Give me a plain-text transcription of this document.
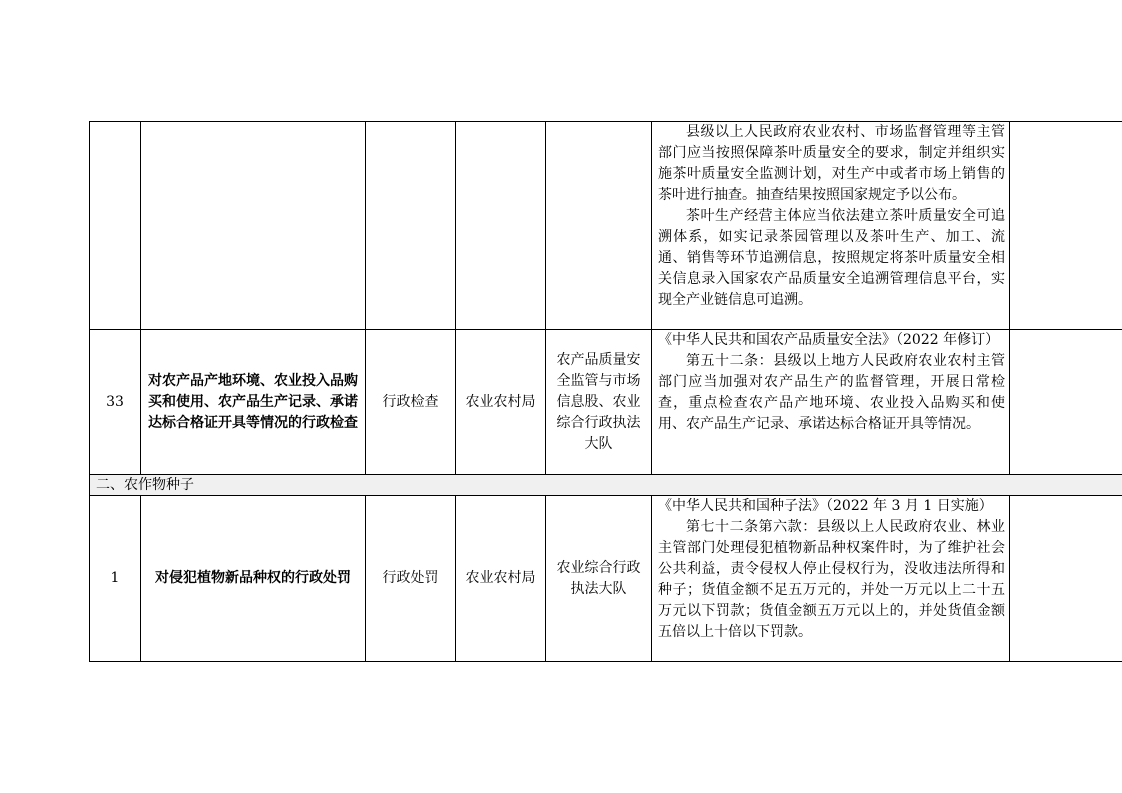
					县级以上人民政府农业农村、市场监督管理等主管部门应当按照保障茶叶质量安全的要求，制定并组织实施茶叶质量安全监测计划，对生产中或者市场上销售的茶叶进行抽查。抽查结果按照国家规定予以公布。

茶叶生产经营主体应当依法建立茶叶质量安全可追溯体系，如实记录茶园管理以及茶叶生产、加工、流通、销售等环节追溯信息，按照规定将茶叶质量安全相关信息录入国家农产品质量安全追溯管理信息平台，实现全产业链信息可追溯。	

33	对农产品产地环境、农业投入品购买和使用、农产品生产记录、承诺达标合格证开具等情况的行政检查	行政检查	农业农村局	农产品质量安全监管与市场信息股、农业综合行政执法大队	《中华人民共和国农产品质量安全法》（2022 年修订）

第五十二条：县级以上地方人民政府农业农村主管部门应当加强对农产品生产的监督管理，开展日常检查，重点检查农产品产地环境、农业投入品购买和使用、农产品生产记录、承诺达标合格证开具等情况。	

二、农作物种子						
1	对侵犯植物新品种权的行政处罚	行政处罚	农业农村局	农业综合行政执法大队	《中华人民共和国种子法》（2022 年 3 月 1 日实施）

第七十二条第六款：县级以上人民政府农业、林业主管部门处理侵犯植物新品种权案件时，为了维护社会公共利益，责令侵权人停止侵权行为，没收违法所得和种子；货值金额不足五万元的，并处一万元以上二十五万元以下罚款；货值金额五万元以上的，并处货值金额五倍以上十倍以下罚款。	
